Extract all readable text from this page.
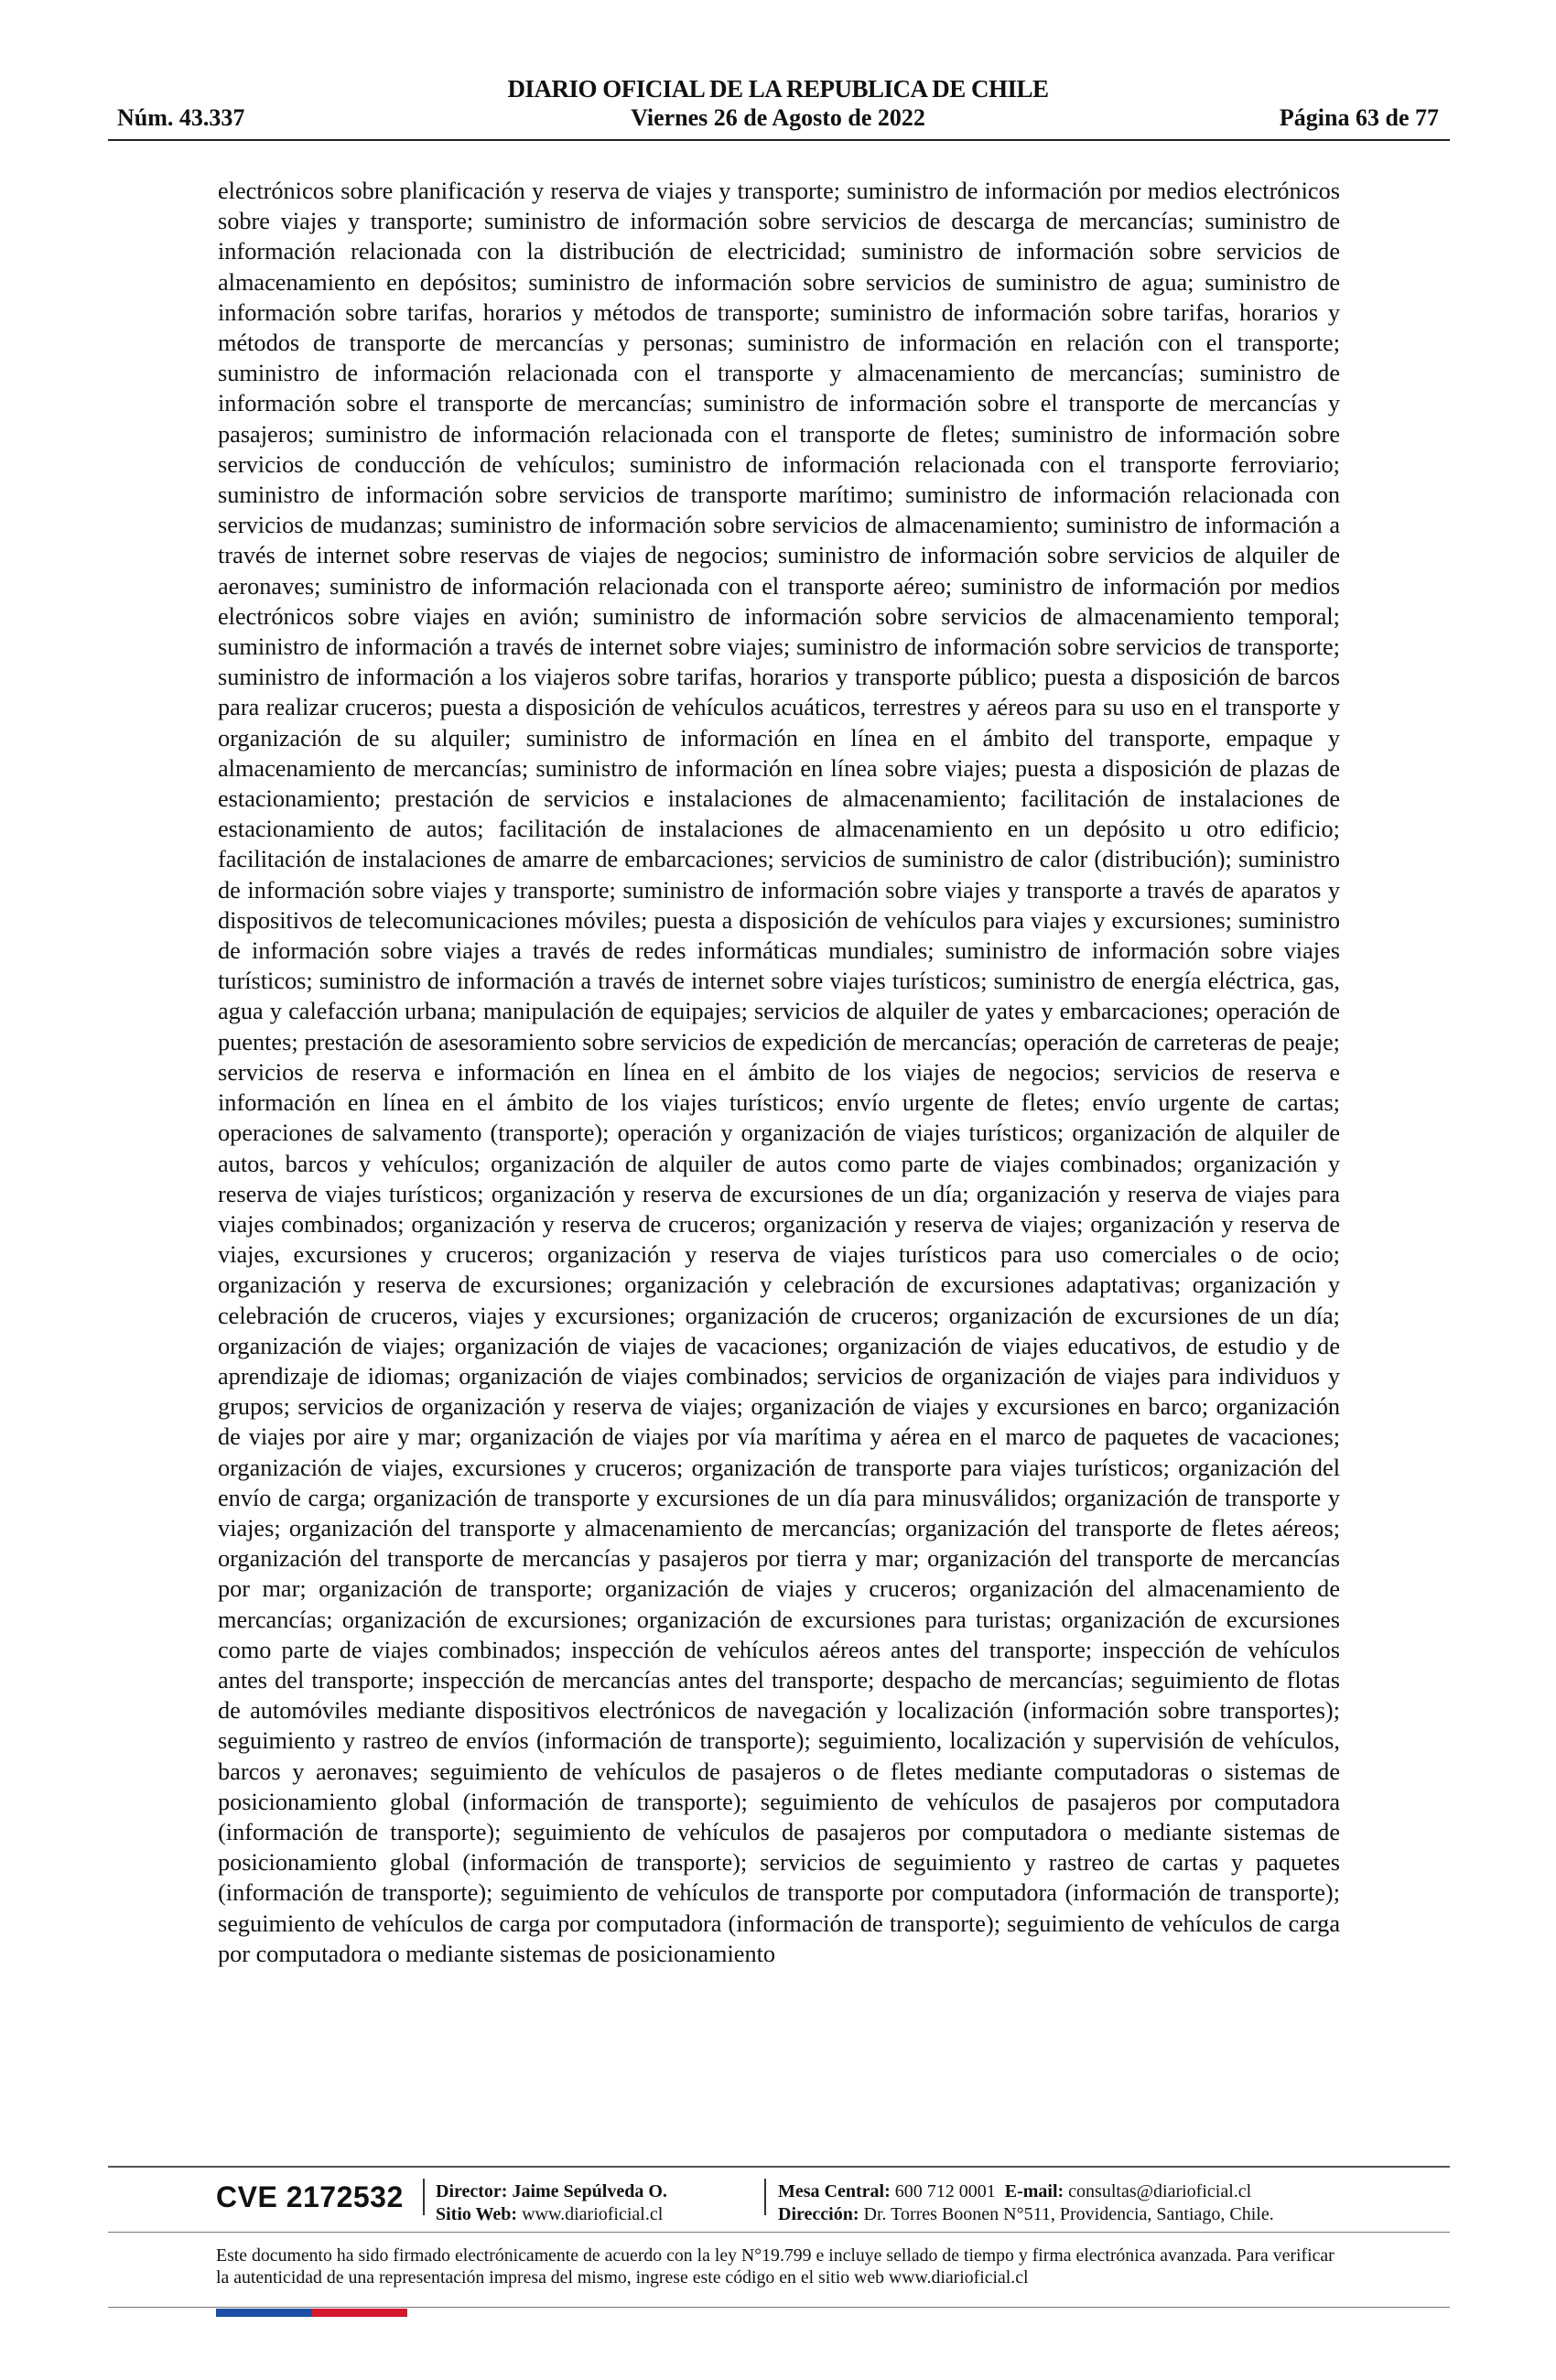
DIARIO OFICIAL DE LA REPUBLICA DE CHILE
Núm. 43.337	Viernes 26 de Agosto de 2022	Página 63 de 77
electrónicos sobre planificación y reserva de viajes y transporte; suministro de información por medios electrónicos sobre viajes y transporte; suministro de información sobre servicios de descarga de mercancías; suministro de información relacionada con la distribución de electricidad; suministro de información sobre servicios de almacenamiento en depósitos; suministro de información sobre servicios de suministro de agua; suministro de información sobre tarifas, horarios y métodos de transporte; suministro de información sobre tarifas, horarios y métodos de transporte de mercancías y personas; suministro de información en relación con el transporte; suministro de información relacionada con el transporte y almacenamiento de mercancías; suministro de información sobre el transporte de mercancías; suministro de información sobre el transporte de mercancías y pasajeros; suministro de información relacionada con el transporte de fletes; suministro de información sobre servicios de conducción de vehículos; suministro de información relacionada con el transporte ferroviario; suministro de información sobre servicios de transporte marítimo; suministro de información relacionada con servicios de mudanzas; suministro de información sobre servicios de almacenamiento; suministro de información a través de internet sobre reservas de viajes de negocios; suministro de información sobre servicios de alquiler de aeronaves; suministro de información relacionada con el transporte aéreo; suministro de información por medios electrónicos sobre viajes en avión; suministro de información sobre servicios de almacenamiento temporal; suministro de información a través de internet sobre viajes; suministro de información sobre servicios de transporte; suministro de información a los viajeros sobre tarifas, horarios y transporte público; puesta a disposición de barcos para realizar cruceros; puesta a disposición de vehículos acuáticos, terrestres y aéreos para su uso en el transporte y organización de su alquiler; suministro de información en línea en el ámbito del transporte, empaque y almacenamiento de mercancías; suministro de información en línea sobre viajes; puesta a disposición de plazas de estacionamiento; prestación de servicios e instalaciones de almacenamiento; facilitación de instalaciones de estacionamiento de autos; facilitación de instalaciones de almacenamiento en un depósito u otro edificio; facilitación de instalaciones de amarre de embarcaciones; servicios de suministro de calor (distribución); suministro de información sobre viajes y transporte; suministro de información sobre viajes y transporte a través de aparatos y dispositivos de telecomunicaciones móviles; puesta a disposición de vehículos para viajes y excursiones; suministro de información sobre viajes a través de redes informáticas mundiales; suministro de información sobre viajes turísticos; suministro de información a través de internet sobre viajes turísticos; suministro de energía eléctrica, gas, agua y calefacción urbana; manipulación de equipajes; servicios de alquiler de yates y embarcaciones; operación de puentes; prestación de asesoramiento sobre servicios de expedición de mercancías; operación de carreteras de peaje; servicios de reserva e información en línea en el ámbito de los viajes de negocios; servicios de reserva e información en línea en el ámbito de los viajes turísticos; envío urgente de fletes; envío urgente de cartas; operaciones de salvamento (transporte); operación y organización de viajes turísticos; organización de alquiler de autos, barcos y vehículos; organización de alquiler de autos como parte de viajes combinados; organización y reserva de viajes turísticos; organización y reserva de excursiones de un día; organización y reserva de viajes para viajes combinados; organización y reserva de cruceros; organización y reserva de viajes; organización y reserva de viajes, excursiones y cruceros; organización y reserva de viajes turísticos para uso comerciales o de ocio; organización y reserva de excursiones; organización y celebración de excursiones adaptativas; organización y celebración de cruceros, viajes y excursiones; organización de cruceros; organización de excursiones de un día; organización de viajes; organización de viajes de vacaciones; organización de viajes educativos, de estudio y de aprendizaje de idiomas; organización de viajes combinados; servicios de organización de viajes para individuos y grupos; servicios de organización y reserva de viajes; organización de viajes y excursiones en barco; organización de viajes por aire y mar; organización de viajes por vía marítima y aérea en el marco de paquetes de vacaciones; organización de viajes, excursiones y cruceros; organización de transporte para viajes turísticos; organización del envío de carga; organización de transporte y excursiones de un día para minusválidos; organización de transporte y viajes; organización del transporte y almacenamiento de mercancías; organización del transporte de fletes aéreos; organización del transporte de mercancías y pasajeros por tierra y mar; organización del transporte de mercancías por mar; organización de transporte; organización de viajes y cruceros; organización del almacenamiento de mercancías; organización de excursiones; organización de excursiones para turistas; organización de excursiones como parte de viajes combinados; inspección de vehículos aéreos antes del transporte; inspección de vehículos antes del transporte; inspección de mercancías antes del transporte; despacho de mercancías; seguimiento de flotas de automóviles mediante dispositivos electrónicos de navegación y localización (información sobre transportes); seguimiento y rastreo de envíos (información de transporte); seguimiento, localización y supervisión de vehículos, barcos y aeronaves; seguimiento de vehículos de pasajeros o de fletes mediante computadoras o sistemas de posicionamiento global (información de transporte); seguimiento de vehículos de pasajeros por computadora (información de transporte); seguimiento de vehículos de pasajeros por computadora o mediante sistemas de posicionamiento global (información de transporte); servicios de seguimiento y rastreo de cartas y paquetes (información de transporte); seguimiento de vehículos de transporte por computadora (información de transporte); seguimiento de vehículos de carga por computadora (información de transporte); seguimiento de vehículos de carga por computadora o mediante sistemas de posicionamiento
CVE 2172532 Director: Jaime Sepúlveda O.
Sitio Web: www.diarioficial.cl
Mesa Central: 600 712 0001 E-mail: consultas@diarioficial.cl
Dirección: Dr. Torres Boonen N°511, Providencia, Santiago, Chile.
Este documento ha sido firmado electrónicamente de acuerdo con la ley N°19.799 e incluye sellado de tiempo y firma electrónica avanzada. Para verificar la autenticidad de una representación impresa del mismo, ingrese este código en el sitio web www.diarioficial.cl
